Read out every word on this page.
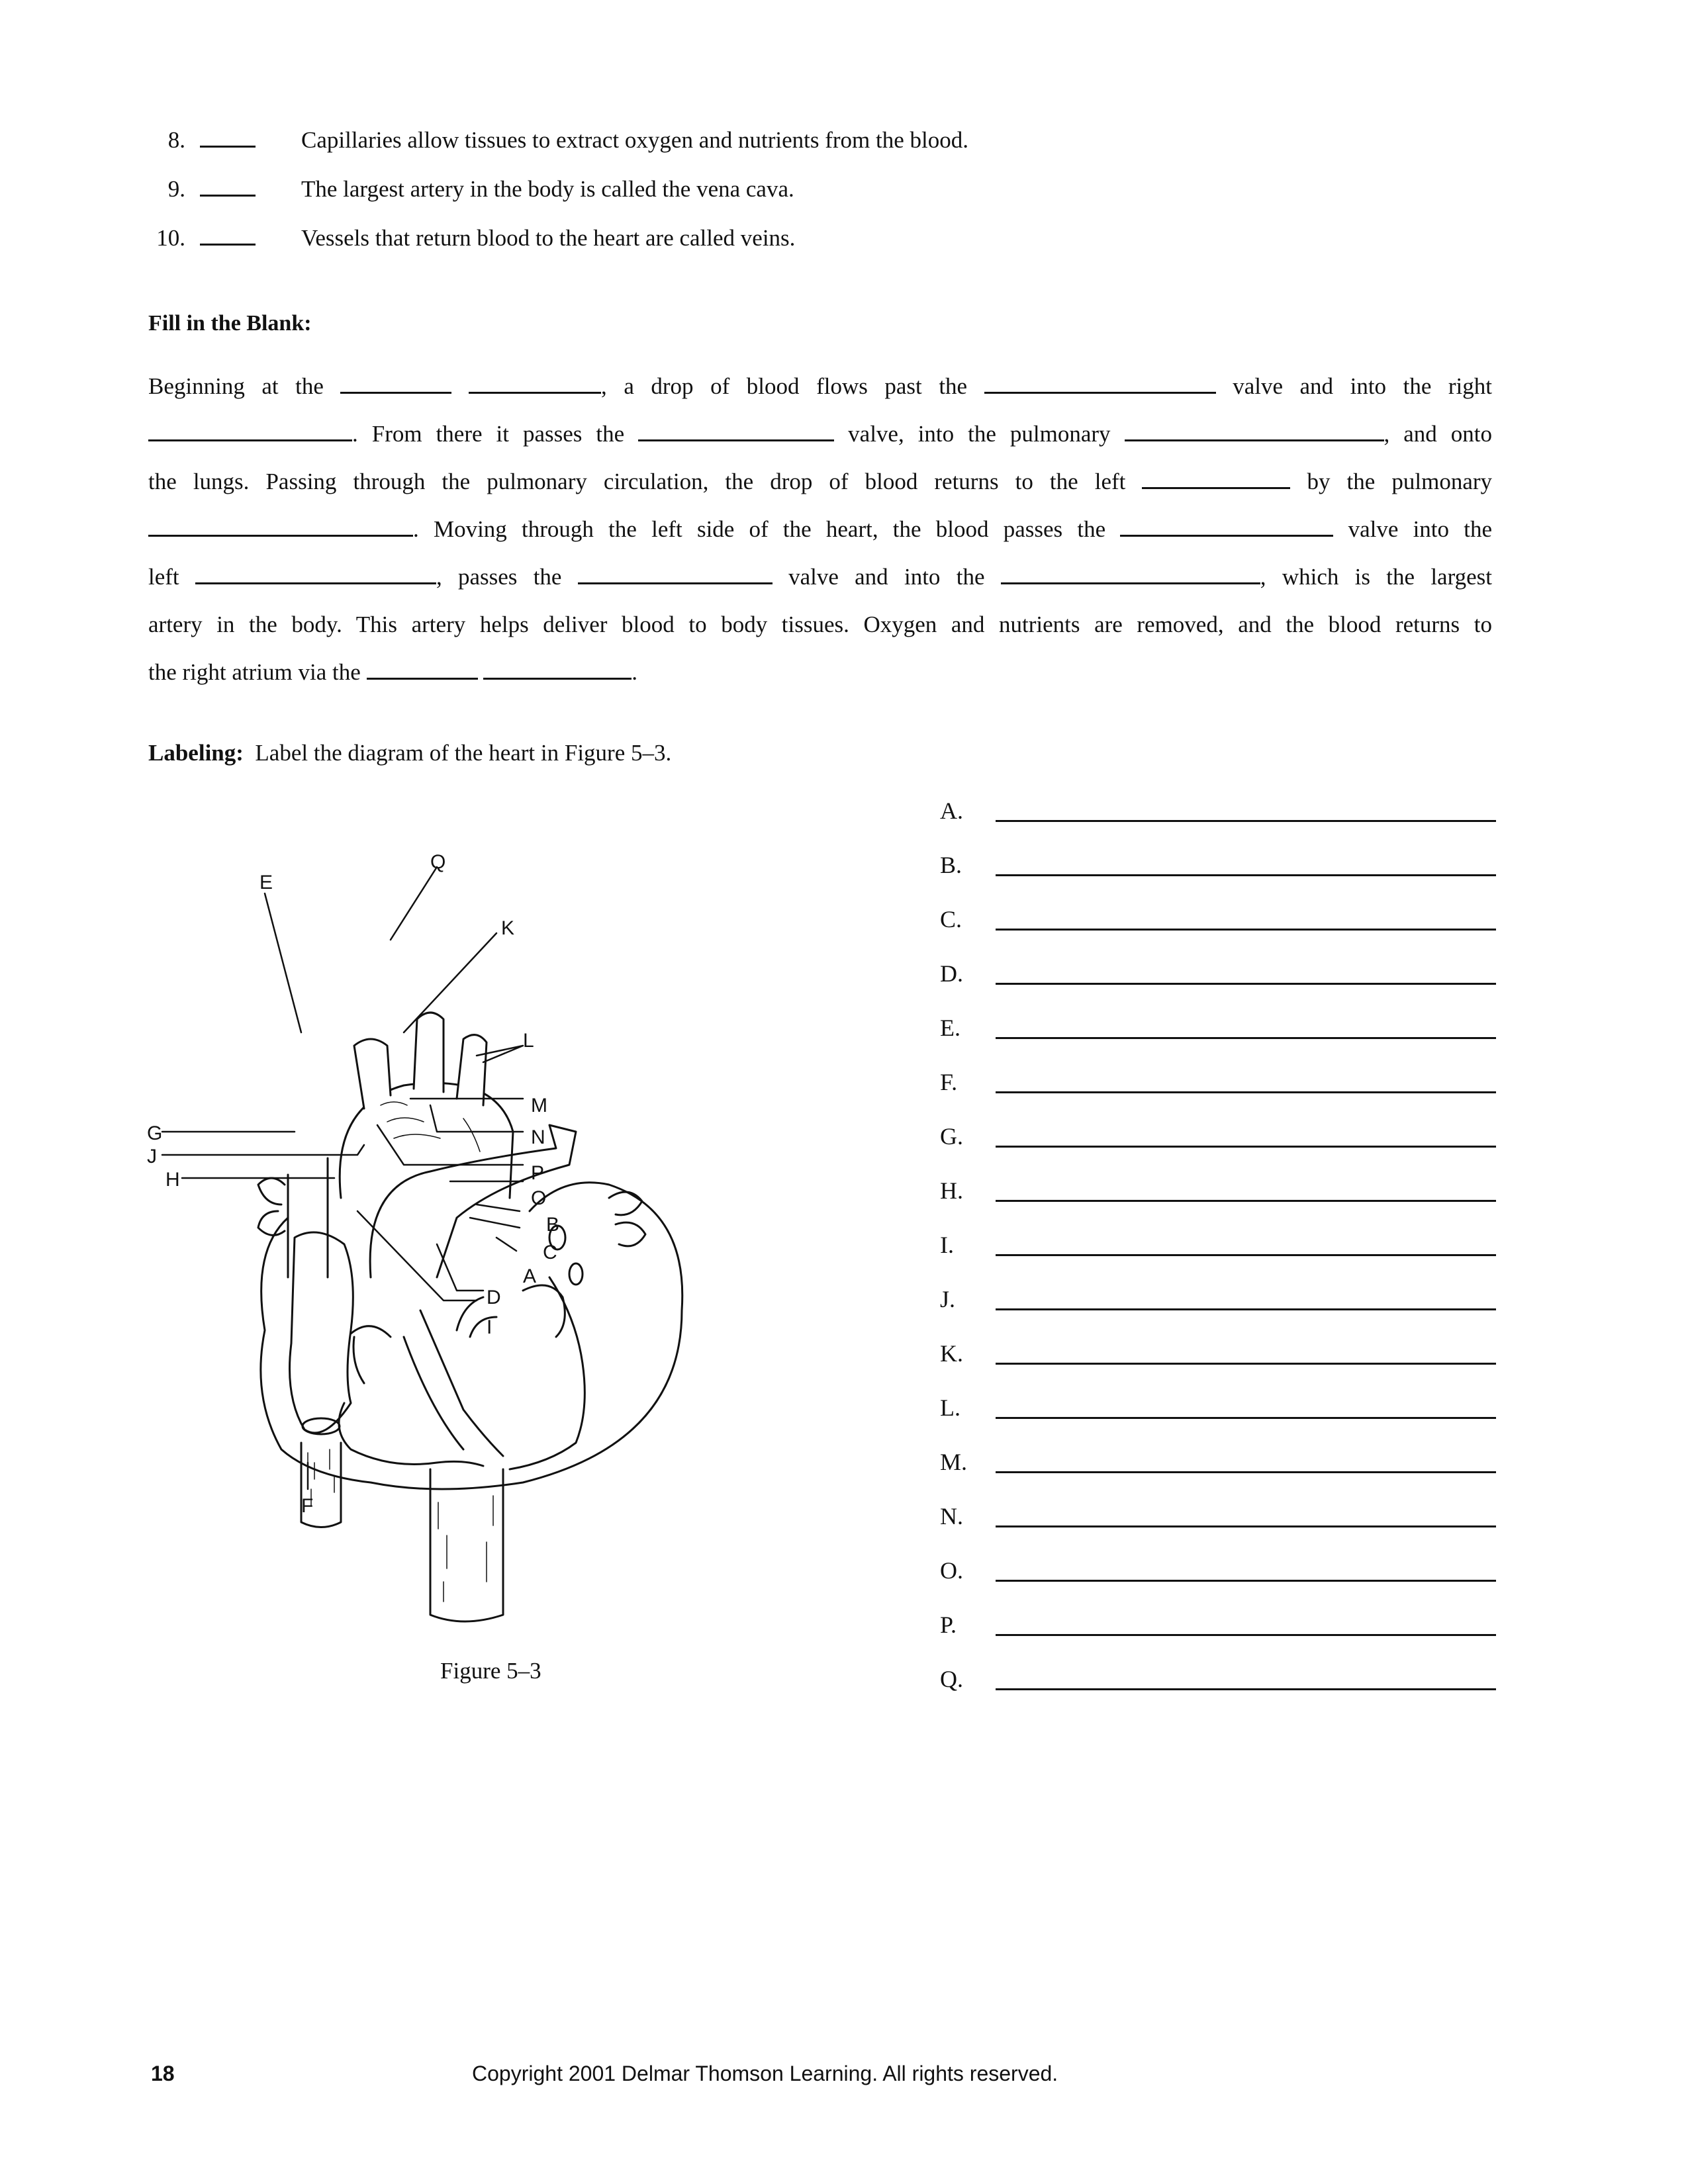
8.	Capillaries allow tissues to extract oxygen and nutrients from the blood.
9.	The largest artery in the body is called the vena cava.
10.	Vessels that return blood to the heart are called veins.
Fill in the Blank:
Beginning at the	, a drop of blood flows past the	valve and into the right
. From there it passes the	valve, into the pulmonary	, and onto
the lungs. Passing through the pulmonary circulation, the drop of blood returns to the left	by the pulmonary
. Moving through the left side of the heart, the blood passes the	valve into the
left	, passes the	valve and into the	, which is the largest
artery in the body. This artery helps deliver blood to body tissues. Oxygen and nutrients are removed, and the blood returns to
the right atrium via the	.
Labeling: Label the diagram of the heart in Figure 5–3.
A.
B.
C.
D.
E.
F.
G.
H.
I.
J.
K.
L.
M.
N.
O.
P.
Q.
E
Q
K
L
M
N
P
O
B
C
A
D
I
G
J
H
F
Figure 5–3
18	Copyright 2001 Delmar Thomson Learning. All rights reserved.
